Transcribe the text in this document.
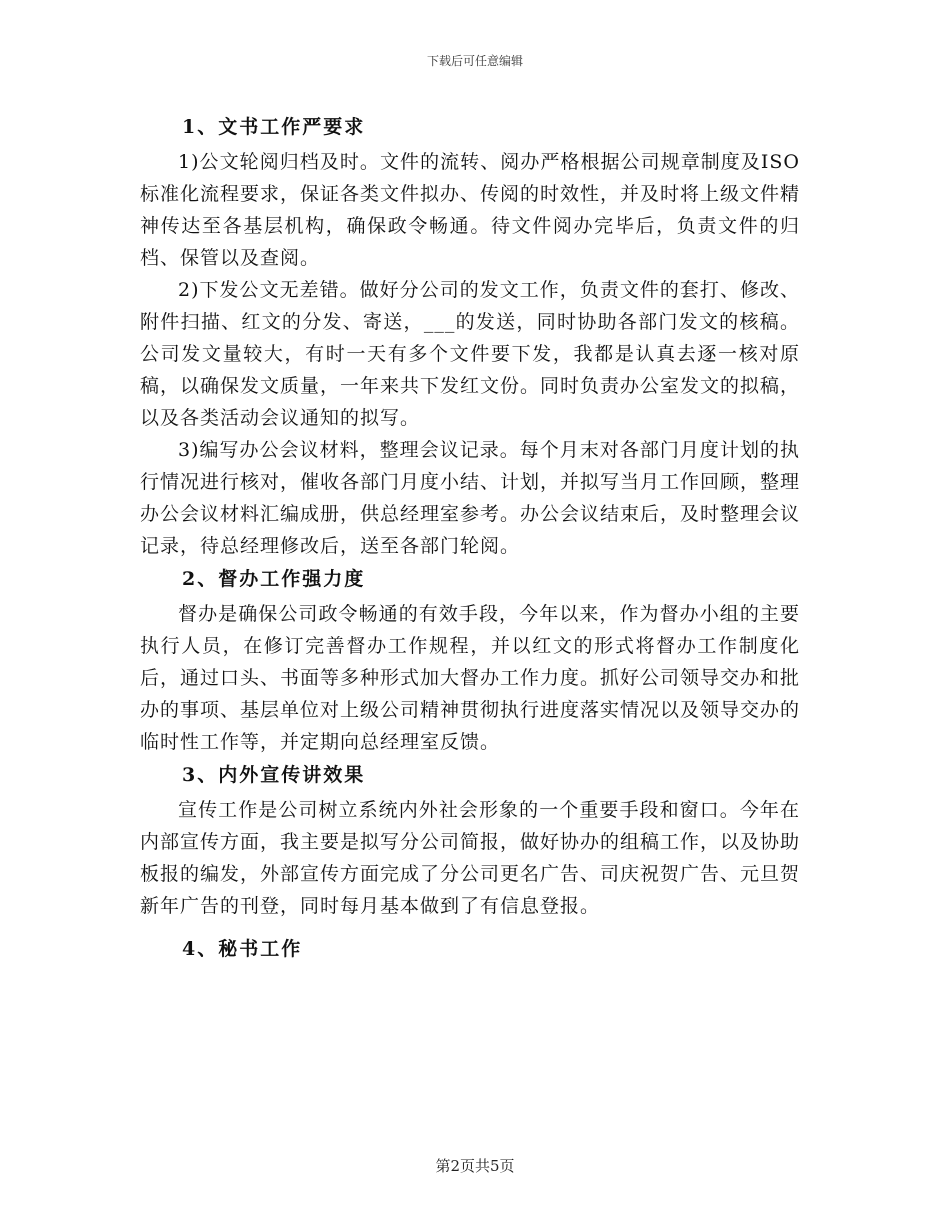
下载后可任意编辑
1、文书工作严要求

1)公文轮阅归档及时。文件的流转、阅办严格根据公司规章制度及ISO标准化流程要求，保证各类文件拟办、传阅的时效性，并及时将上级文件精神传达至各基层机构，确保政令畅通。待文件阅办完毕后，负责文件的归档、保管以及查阅。

2)下发公文无差错。做好分公司的发文工作，负责文件的套打、修改、附件扫描、红文的分发、寄送，___的发送，同时协助各部门发文的核稿。公司发文量较大，有时一天有多个文件要下发，我都是认真去逐一核对原稿，以确保发文质量，一年来共下发红文份。同时负责办公室发文的拟稿，以及各类活动会议通知的拟写。

3)编写办公会议材料，整理会议记录。每个月末对各部门月度计划的执行情况进行核对，催收各部门月度小结、计划，并拟写当月工作回顾，整理办公会议材料汇编成册，供总经理室参考。办公会议结束后，及时整理会议记录，待总经理修改后，送至各部门轮阅。

2、督办工作强力度

督办是确保公司政令畅通的有效手段，今年以来，作为督办小组的主要执行人员，在修订完善督办工作规程，并以红文的形式将督办工作制度化后，通过口头、书面等多种形式加大督办工作力度。抓好公司领导交办和批办的事项、基层单位对上级公司精神贯彻执行进度落实情况以及领导交办的临时性工作等，并定期向总经理室反馈。

3、内外宣传讲效果

宣传工作是公司树立系统内外社会形象的一个重要手段和窗口。今年在内部宣传方面，我主要是拟写分公司简报，做好协办的组稿工作，以及协助板报的编发，外部宣传方面完成了分公司更名广告、司庆祝贺广告、元旦贺新年广告的刊登，同时每月基本做到了有信息登报。

4、秘书工作
第2页共5页
